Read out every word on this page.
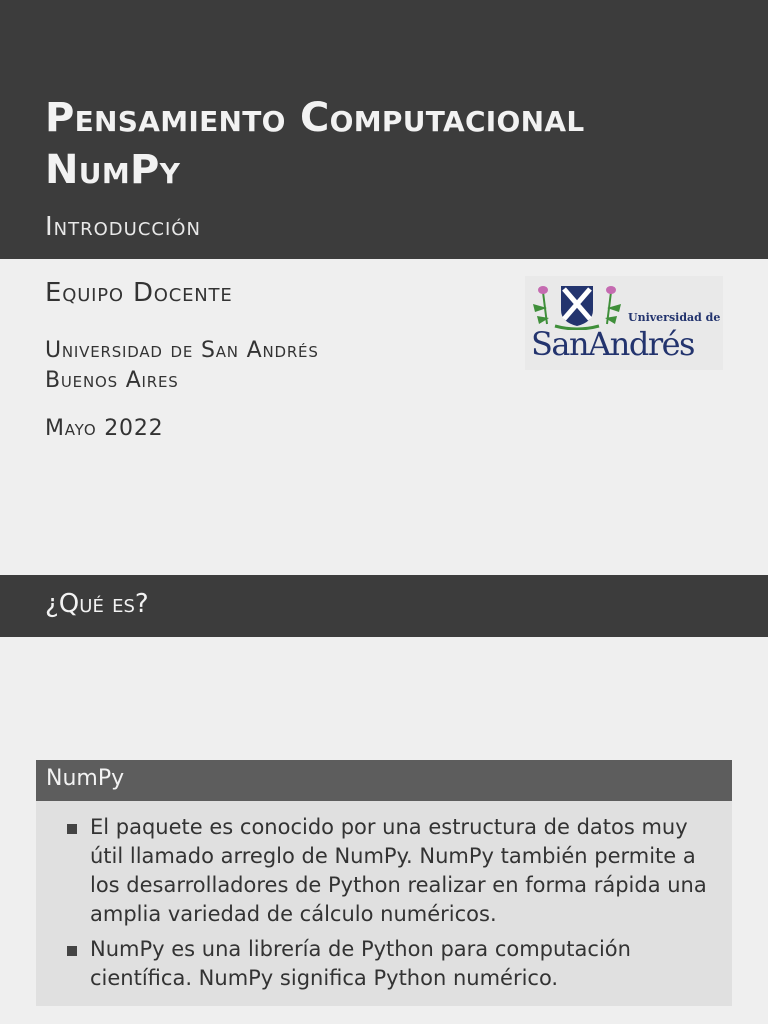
Pensamiento Computacional
NumPy
Introducción
Equipo Docente
Universidad de San Andrés
Buenos Aires
Mayo 2022
Universidad de
SanAndrés
¿Qué es?
NumPy
El paquete es conocido por una estructura de datos muy útil llamado arreglo de NumPy. NumPy también permite a los desarrolladores de Python realizar en forma rápida una amplia variedad de cálculo numéricos.
NumPy es una librería de Python para computación científica. NumPy significa Python numérico.
